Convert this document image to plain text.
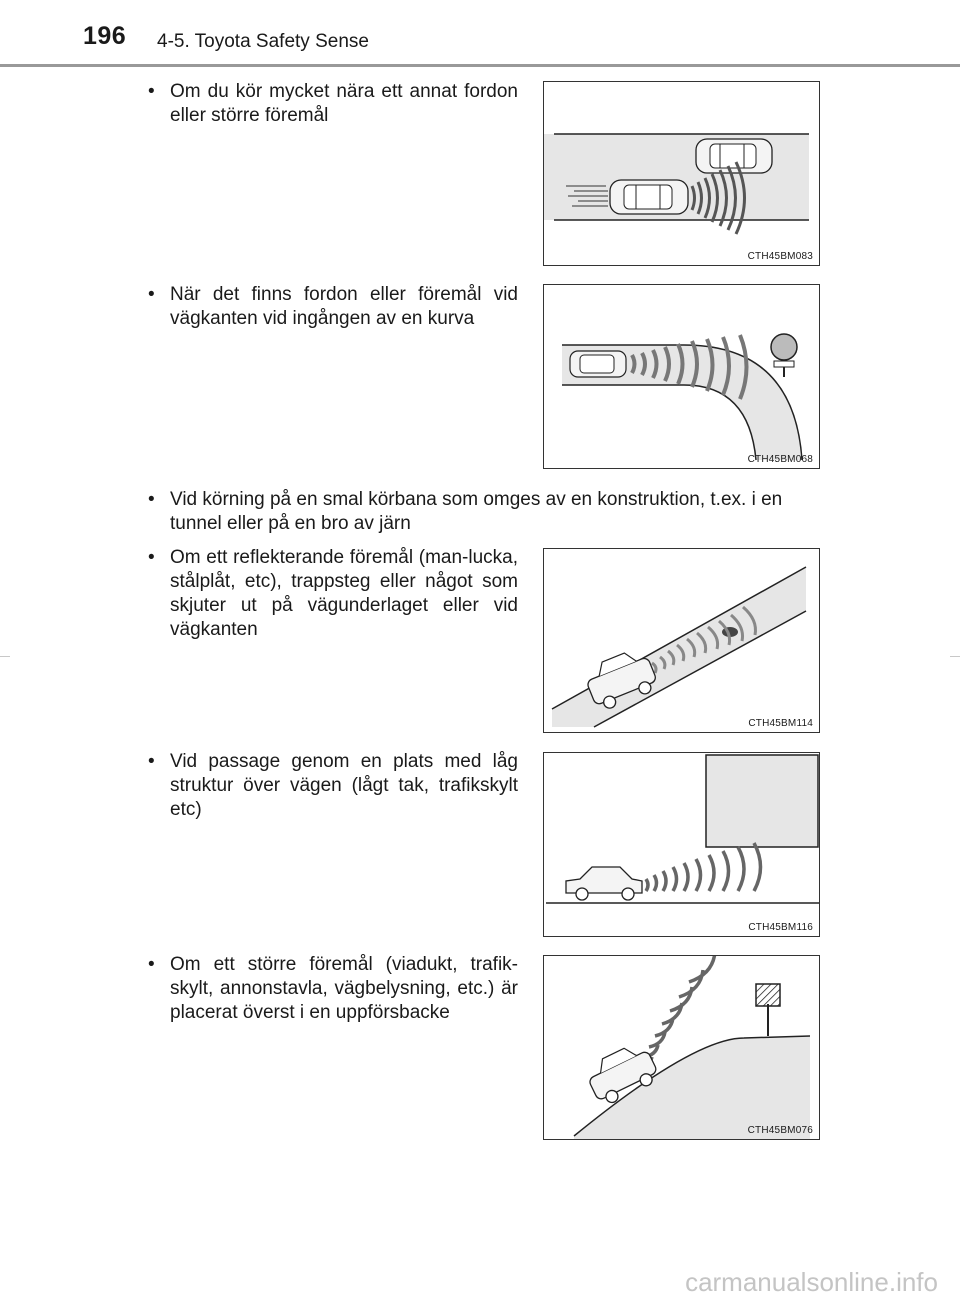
196 4-5. Toyota Safety Sense
• Om du kör mycket nära ett annat fordon eller större föremål
CTH45BM083
• När det finns fordon eller föremål vid vägkanten vid ingången av en kurva
CTH45BM068
• Vid körning på en smal körbana som omges av en konstruktion, t.ex. i en tunnel eller på en bro av järn
• Om ett reflekterande föremål (man-lucka, stålplåt, etc), trappsteg eller något som skjuter ut på vägunderlaget eller vid vägkanten
CTH45BM114
• Vid passage genom en plats med låg struktur över vägen (lågt tak, trafikskylt etc)
CTH45BM116
• Om ett större föremål (viadukt, trafik-skylt, annonstavla, vägbelysning, etc.) är placerat överst i en uppförsbacke
CTH45BM076
carmanualsonline.info
